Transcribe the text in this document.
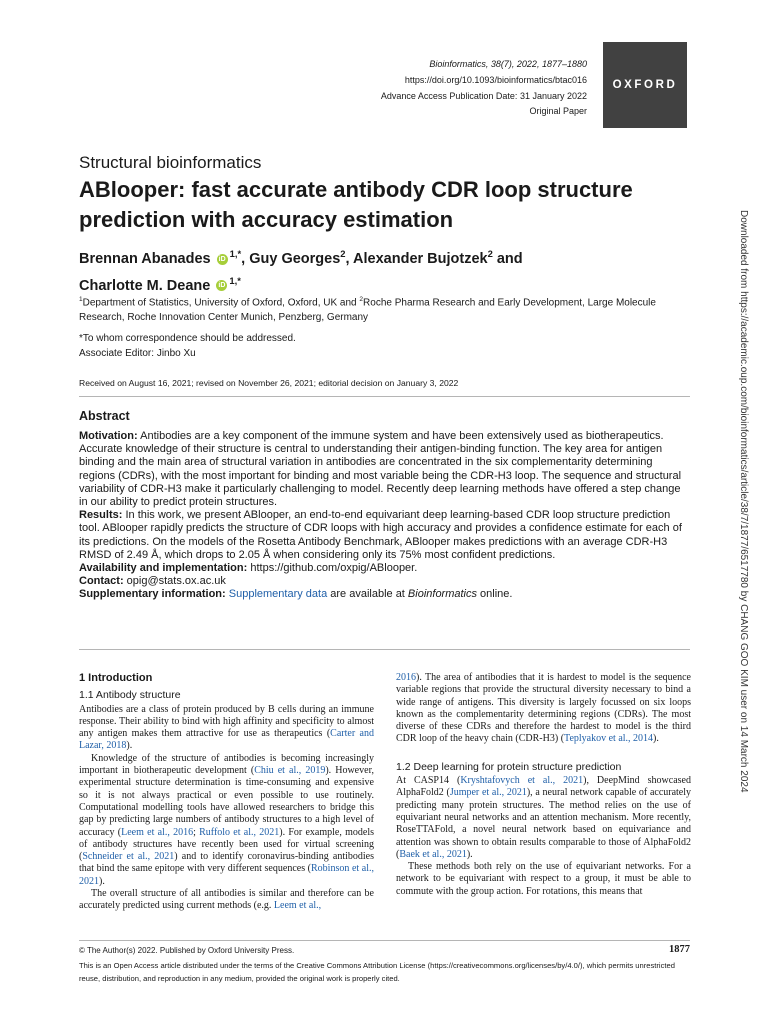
Bioinformatics, 38(7), 2022, 1877–1880
https://doi.org/10.1093/bioinformatics/btac016
Advance Access Publication Date: 31 January 2022
Original Paper
OXFORD
Structural bioinformatics
ABlooper: fast accurate antibody CDR loop structure prediction with accuracy estimation
Brennan Abanades iD $^{1,*}$, Guy Georges$^2$, Alexander Bujotzek$^2$ and
Charlotte M. Deane iD $^{1,*}$
$^1$Department of Statistics, University of Oxford, Oxford, UK and $^2$Roche Pharma Research and Early Development, Large Molecule Research, Roche Innovation Center Munich, Penzberg, Germany
*To whom correspondence should be addressed.
Associate Editor: Jinbo Xu
Received on August 16, 2021; revised on November 26, 2021; editorial decision on January 3, 2022
Abstract

Motivation: Antibodies are a key component of the immune system and have been extensively used as biotherapeutics. Accurate knowledge of their structure is central to understanding their antigen-binding function. The key area for antigen binding and the main area of structural variation in antibodies are concentrated in the six complementarity determining regions (CDRs), with the most important for binding and most variable being the CDR-H3 loop. The sequence and structural variability of CDR-H3 make it particularly challenging to model. Recently deep learning methods have offered a step change in our ability to predict protein structures.

Results: In this work, we present ABlooper, an end-to-end equivariant deep learning-based CDR loop structure prediction tool. ABlooper rapidly predicts the structure of CDR loops with high accuracy and provides a confidence estimate for each of its predictions. On the models of the Rosetta Antibody Benchmark, ABlooper makes predictions with an average CDR-H3 RMSD of 2.49 Å, which drops to 2.05 Å when considering only its 75% most confident predictions.

Availability and implementation: https://github.com/oxpig/ABlooper.

Contact: opig@stats.ox.ac.uk

Supplementary information: Supplementary data are available at Bioinformatics online.

1 Introduction
1.1 Antibody structure

Antibodies are a class of protein produced by B cells during an immune response. Their ability to bind with high affinity and specificity to almost any antigen makes them attractive for use as therapeutics (Carter and Lazar, 2018).

Knowledge of the structure of antibodies is becoming increasingly important in biotherapeutic development (Chiu et al., 2019). However, experimental structure determination is time-consuming and expensive so it is not always practical or even possible to use routinely. Computational modelling tools have allowed researchers to bridge this gap by predicting large numbers of antibody structures to a high level of accuracy (Leem et al., 2016; Ruffolo et al., 2021). For example, models of antibody structures have recently been used for virtual screening (Schneider et al., 2021) and to identify coronavirus-binding antibodies that bind the same epitope with very different sequences (Robinson et al., 2021).

The overall structure of all antibodies is similar and therefore can be accurately predicted using current methods (e.g. Leem et al.,

2016). The area of antibodies that it is hardest to model is the sequence variable regions that provide the structural diversity necessary to bind a wide range of antigens. This diversity is largely focussed on six loops known as the complementarity determining regions (CDRs). The most diverse of these CDRs and therefore the hardest to model is the third CDR loop of the heavy chain (CDR-H3) (Teplyakov et al., 2014).

1.2 Deep learning for protein structure prediction

At CASP14 (Kryshtafovych et al., 2021), DeepMind showcased AlphaFold2 (Jumper et al., 2021), a neural network capable of accurately predicting many protein structures. The method relies on the use of equivariant neural networks and an attention mechanism. More recently, RoseTTAFold, a novel neural network based on equivariance and attention was shown to obtain results comparable to those of AlphaFold2 (Baek et al., 2021).

These methods both rely on the use of equivariant networks. For a network to be equivariant with respect to a group, it must be able to commute with the group action. For rotations, this means that

© The Author(s) 2022. Published by Oxford University Press.	1877
This is an Open Access article distributed under the terms of the Creative Commons Attribution License (https://creativecommons.org/licenses/by/4.0/), which permits unrestricted reuse, distribution, and reproduction in any medium, provided the original work is properly cited.
Downloaded from https://academic.oup.com/bioinformatics/article/38/7/1877/6517780 by CHANG GOO KIM user on 14 March 2024
